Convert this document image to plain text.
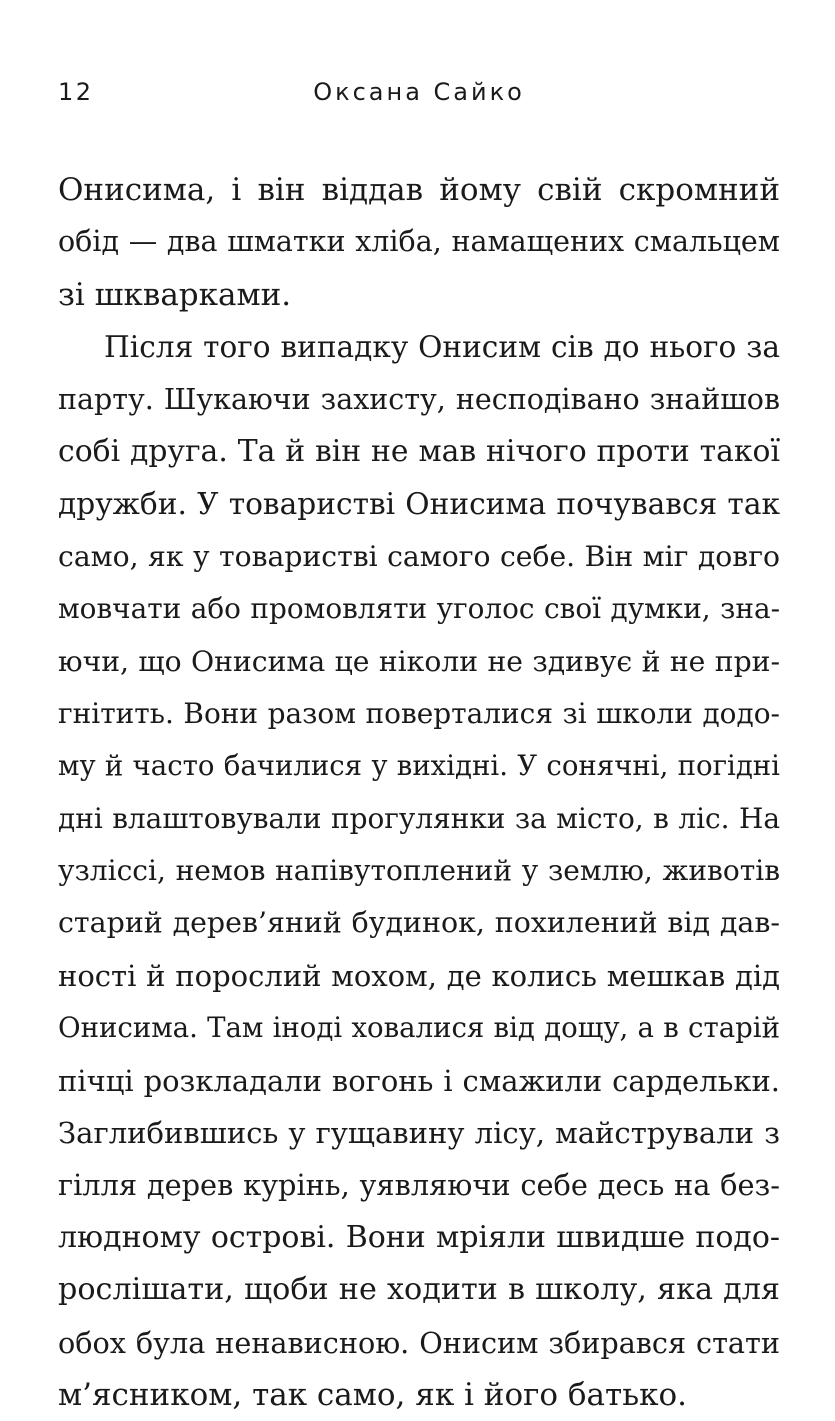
12	Оксана Сайко
Онисима, і він віддав йому свій скромний
обід — два шматки хліба, намащених смальцем
зі шкварками.
Після того випадку Онисим сів до нього за
парту. Шукаючи захисту, несподівано знайшов
собі друга. Та й він не мав нічого проти такої
дружби. У товаристві Онисима почувався так
само, як у товаристві самого себе. Він міг довго
мовчати або промовляти уголос свої думки, зна-
ючи, що Онисима це ніколи не здивує й не при-
гнітить. Вони разом поверталися зі школи додо-
му й часто бачилися у вихідні. У сонячні, погідні
дні влаштовували прогулянки за місто, в ліс. На
узліссі, немов напівутоплений у землю, животів
старий дерев’яний будинок, похилений від дав-
ності й порослий мохом, де колись мешкав дід
Онисима. Там іноді ховалися від дощу, а в старій
пічці розкладали вогонь і смажили сардельки.
Заглибившись у гущавину лісу, майстрували з
гілля дерев курінь, уявляючи себе десь на без-
людному острові. Вони мріяли швидше подо-
рослішати, щоби не ходити в школу, яка для
обох була ненависною. Онисим збирався стати
м’ясником, так само, як і його батько.
